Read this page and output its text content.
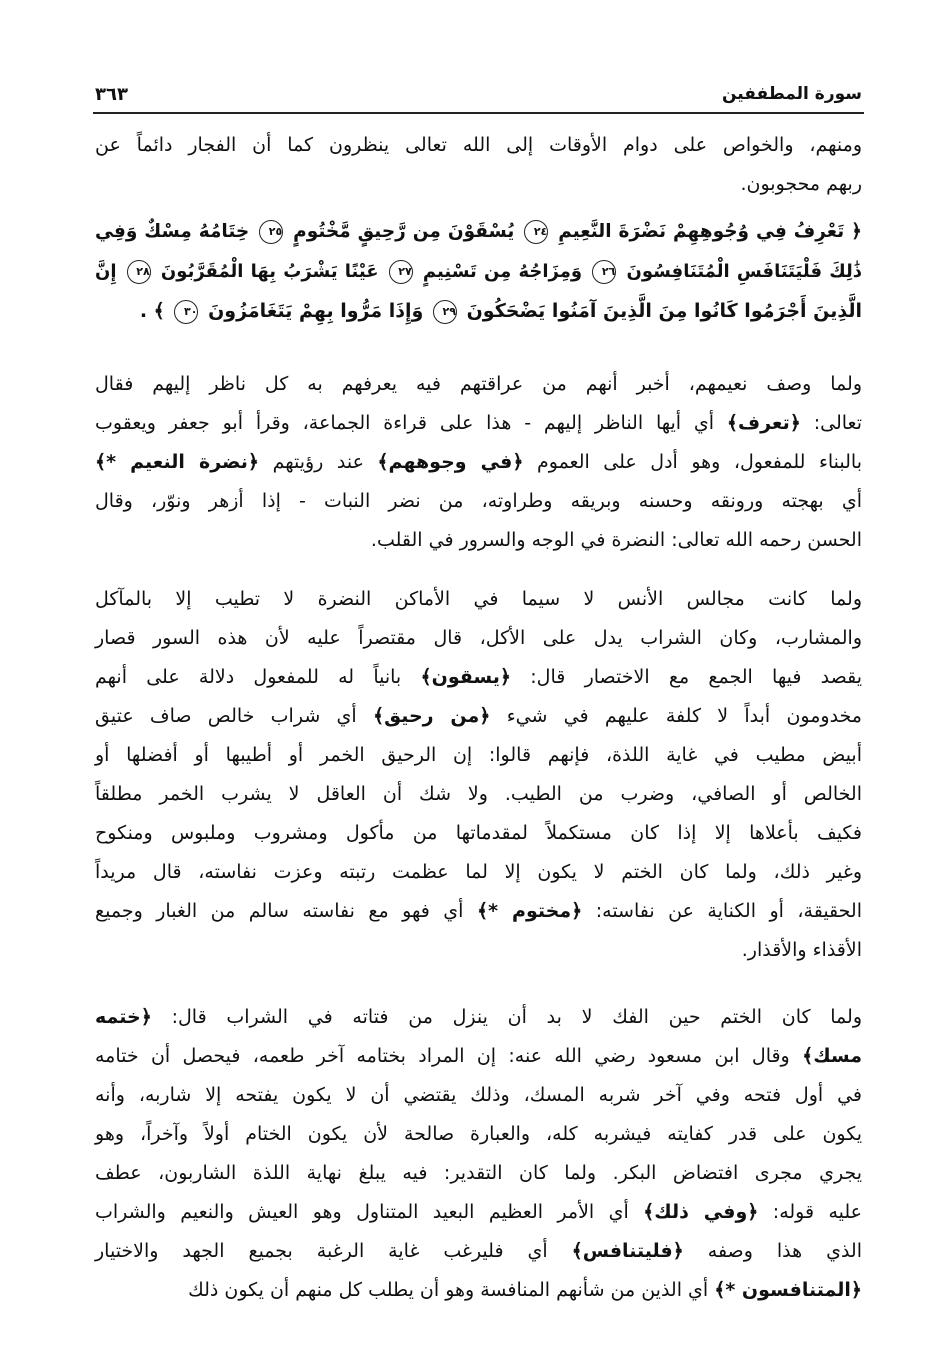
سورة المطففين
٣٦٣
ومنهم، والخواص على دوام الأوقات إلى الله تعالى ينظرون كما أن الفجار دائماً عن
ربهم محجوبون.
﴿ تَعْرِفُ فِي وُجُوهِهِمْ نَضْرَةَ النَّعِيمِ ٢٤ يُسْقَوْنَ مِن رَّحِيقٍ مَّخْتُومٍ ٢٥ خِتَامُهُ مِسْكٌ وَفِي
ذَٰلِكَ فَلْيَتَنَافَسِ الْمُتَنَافِسُونَ ٢٦ وَمِزَاجُهُ مِن تَسْنِيمٍ ٢٧ عَيْنًا يَشْرَبُ بِهَا الْمُقَرَّبُونَ ٢٨ إِنَّ
الَّذِينَ أَجْرَمُوا كَانُوا مِنَ الَّذِينَ آمَنُوا يَضْحَكُونَ ٢٩ وَإِذَا مَرُّوا بِهِمْ يَتَغَامَزُونَ ٣٠ ﴾ .
ولما وصف نعيمهم، أخبر أنهم من عراقتهم فيه يعرفهم به كل ناظر إليهم فقال
تعالى: ﴿تعرف﴾ أي أيها الناظر إليهم - هذا على قراءة الجماعة، وقرأ أبو جعفر ويعقوب
بالبناء للمفعول، وهو أدل على العموم ﴿في وجوههم﴾ عند رؤيتهم ﴿نضرة النعيم *﴾
أي بهجته ورونقه وحسنه وبريقه وطراوته، من نضر النبات - إذا أزهر ونوّر، وقال
الحسن رحمه الله تعالى: النضرة في الوجه والسرور في القلب.
ولما كانت مجالس الأنس لا سيما في الأماكن النضرة لا تطيب إلا بالمآكل
والمشارب، وكان الشراب يدل على الأكل، قال مقتصراً عليه لأن هذه السور قصار
يقصد فيها الجمع مع الاختصار قال: ﴿يسقون﴾ بانياً له للمفعول دلالة على أنهم
مخدومون أبداً لا كلفة عليهم في شيء ﴿من رحيق﴾ أي شراب خالص صاف عتيق
أبيض مطيب في غاية اللذة، فإنهم قالوا: إن الرحيق الخمر أو أطيبها أو أفضلها أو
الخالص أو الصافي، وضرب من الطيب. ولا شك أن العاقل لا يشرب الخمر مطلقاً
فكيف بأعلاها إلا إذا كان مستكملاً لمقدماتها من مأكول ومشروب وملبوس ومنكوح
وغير ذلك، ولما كان الختم لا يكون إلا لما عظمت رتبته وعزت نفاسته، قال مريداً
الحقيقة، أو الكناية عن نفاسته: ﴿مختوم *﴾ أي فهو مع نفاسته سالم من الغبار وجميع
الأقذاء والأقذار.
ولما كان الختم حين الفك لا بد أن ينزل من فتاته في الشراب قال: ﴿ختمه
مسك﴾ وقال ابن مسعود رضي الله عنه: إن المراد بختامه آخر طعمه، فيحصل أن ختامه
في أول فتحه وفي آخر شربه المسك، وذلك يقتضي أن لا يكون يفتحه إلا شاربه، وأنه
يكون على قدر كفايته فيشربه كله، والعبارة صالحة لأن يكون الختام أولاً وآخراً، وهو
يجري مجرى افتضاض البكر. ولما كان التقدير: فيه يبلغ نهاية اللذة الشاربون، عطف
عليه قوله: ﴿وفي ذلك﴾ أي الأمر العظيم البعيد المتناول وهو العيش والنعيم والشراب
الذي هذا وصفه ﴿فليتنافس﴾ أي فليرغب غاية الرغبة بجميع الجهد والاختيار
﴿المتنافسون *﴾ أي الذين من شأنهم المنافسة وهو أن يطلب كل منهم أن يكون ذلك
